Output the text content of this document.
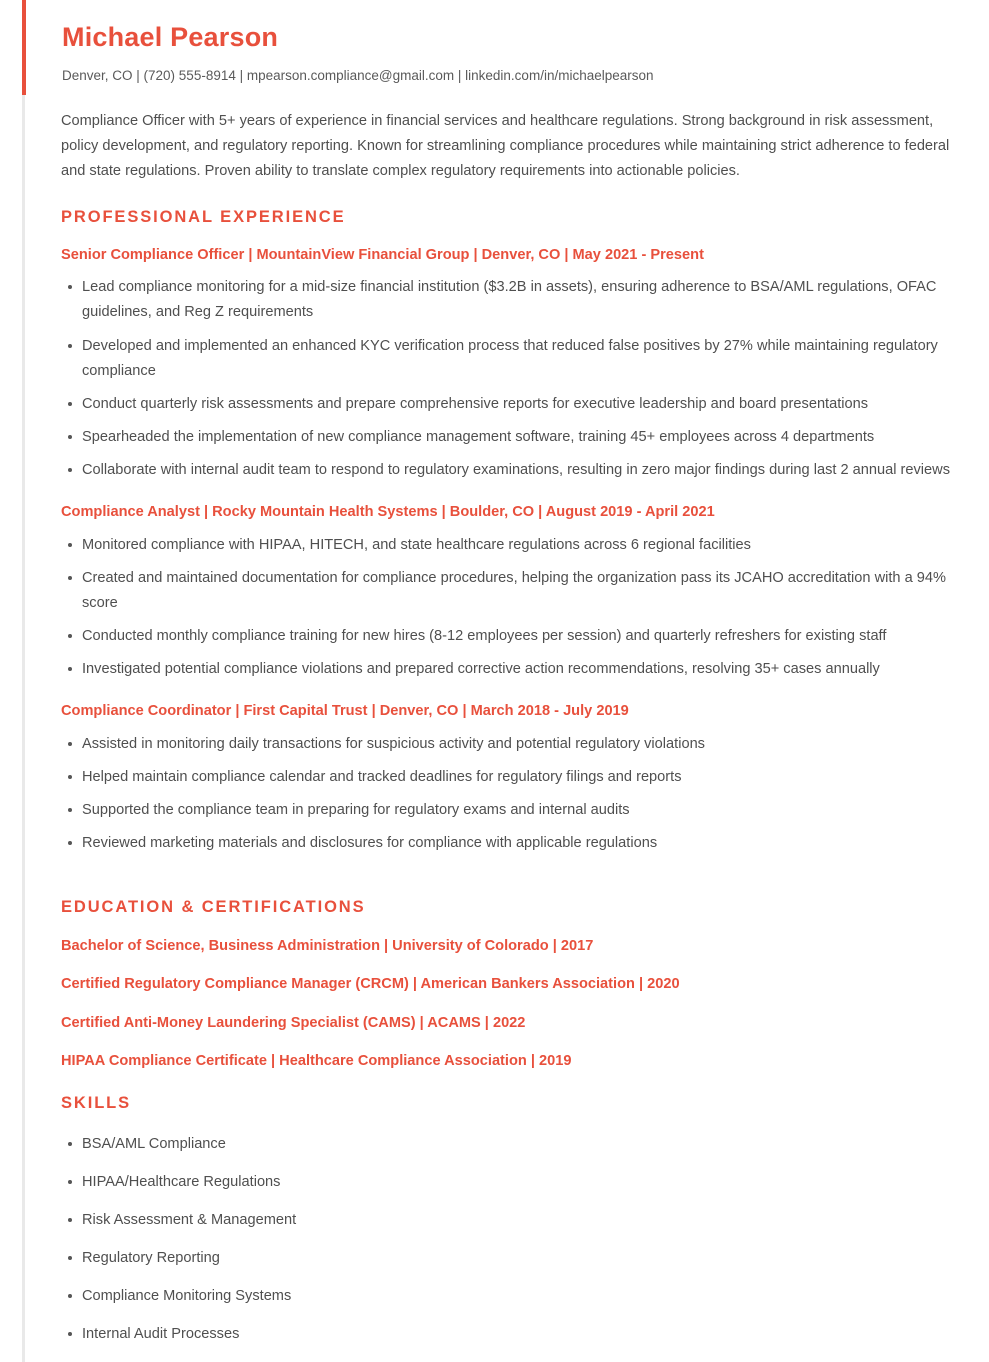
Michael Pearson

Denver, CO | (720) 555-8914 | mpearson.compliance@gmail.com | linkedin.com/in/michaelpearson

Compliance Officer with 5+ years of experience in financial services and healthcare regulations. Strong background in risk assessment, policy development, and regulatory reporting. Known for streamlining compliance procedures while maintaining strict adherence to federal and state regulations. Proven ability to translate complex regulatory requirements into actionable policies.

PROFESSIONAL EXPERIENCE
Senior Compliance Officer | MountainView Financial Group | Denver, CO | May 2021 - Present
Lead compliance monitoring for a mid-size financial institution ($3.2B in assets), ensuring adherence to BSA/AML regulations, OFAC guidelines, and Reg Z requirements
Developed and implemented an enhanced KYC verification process that reduced false positives by 27% while maintaining regulatory compliance
Conduct quarterly risk assessments and prepare comprehensive reports for executive leadership and board presentations
Spearheaded the implementation of new compliance management software, training 45+ employees across 4 departments
Collaborate with internal audit team to respond to regulatory examinations, resulting in zero major findings during last 2 annual reviews
Compliance Analyst | Rocky Mountain Health Systems | Boulder, CO | August 2019 - April 2021
Monitored compliance with HIPAA, HITECH, and state healthcare regulations across 6 regional facilities
Created and maintained documentation for compliance procedures, helping the organization pass its JCAHO accreditation with a 94% score
Conducted monthly compliance training for new hires (8-12 employees per session) and quarterly refreshers for existing staff
Investigated potential compliance violations and prepared corrective action recommendations, resolving 35+ cases annually
Compliance Coordinator | First Capital Trust | Denver, CO | March 2018 - July 2019
Assisted in monitoring daily transactions for suspicious activity and potential regulatory violations
Helped maintain compliance calendar and tracked deadlines for regulatory filings and reports
Supported the compliance team in preparing for regulatory exams and internal audits
Reviewed marketing materials and disclosures for compliance with applicable regulations
EDUCATION & CERTIFICATIONS
Bachelor of Science, Business Administration | University of Colorado | 2017
Certified Regulatory Compliance Manager (CRCM) | American Bankers Association | 2020
Certified Anti-Money Laundering Specialist (CAMS) | ACAMS | 2022
HIPAA Compliance Certificate | Healthcare Compliance Association | 2019
SKILLS
BSA/AML Compliance
HIPAA/Healthcare Regulations
Risk Assessment & Management
Regulatory Reporting
Compliance Monitoring Systems
Internal Audit Processes
